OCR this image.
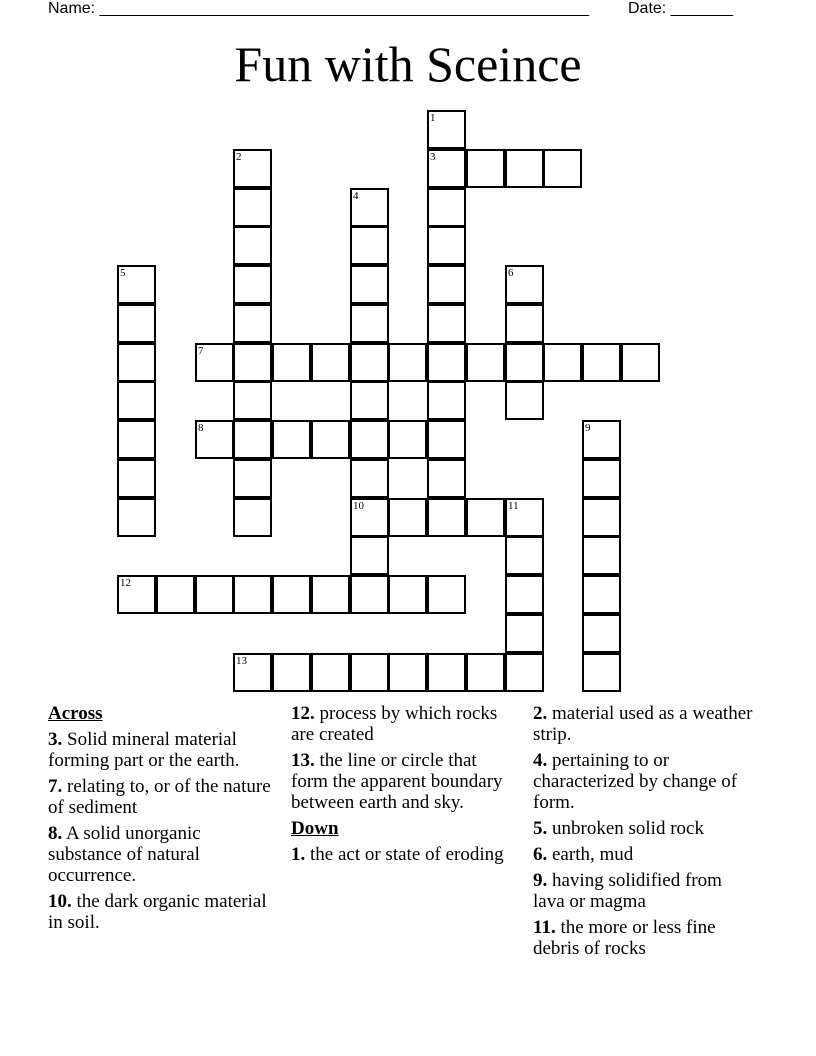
Name: _______________________________________________________ Date: _______
Fun with Sceince
1
3
2
4
10
5	6
7
8	9
11
12
13
Across
3. Solid mineral material forming part or the earth.
7. relating to, or of the nature of sediment
8. A solid unorganic substance of natural occurrence.
10. the dark organic material in soil.
12. process by which rocks are created
13. the line or circle that form the apparent boundary between earth and sky.
Down
1. the act or state of eroding
2. material used as a weather strip.
4. pertaining to or characterized by change of form.
5. unbroken solid rock
6. earth, mud
9. having solidified from lava or magma
11. the more or less fine debris of rocks
